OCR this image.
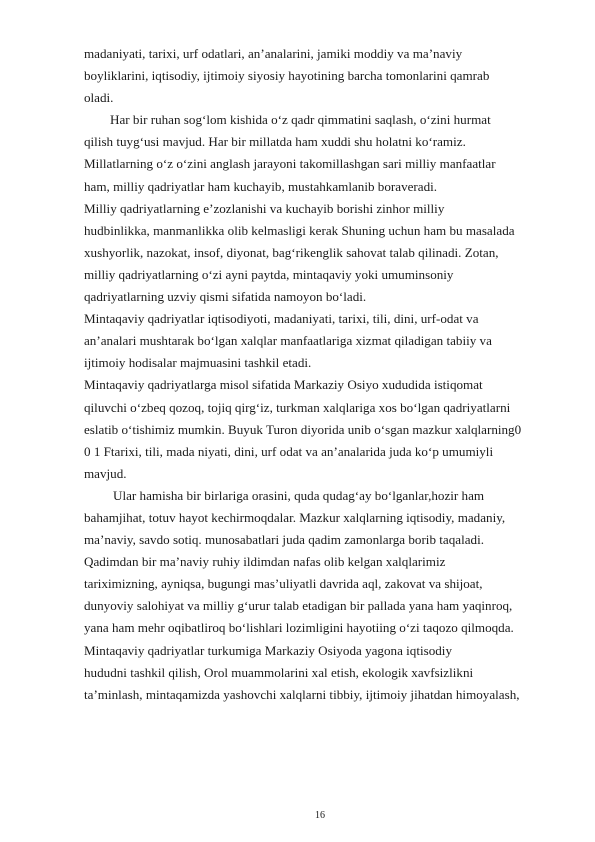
madaniyati, tarixi, urf odatlari, an’analarini, jamiki moddiy va ma’naviy
boyliklarini, iqtisodiy, ijtimoiy siyosiy hayotining barcha tomonlarini qamrab
oladi.
Har bir ruhan sog‘lom kishida o‘z qadr qimmatini saqlash, o‘zini hurmat
qilish tuyg‘usi mavjud. Har bir millatda ham xuddi shu holatni ko‘ramiz.
Millatlarning o‘z o‘zini anglash jarayoni takomillashgan sari milliy manfaatlar
ham, milliy qadriyatlar ham kuchayib, mustahkamlanib boraveradi.
Milliy qadriyatlarning e’zozlanishi va kuchayib borishi zinhor milliy
hudbinlikka, manmanlikka olib kelmasligi kerak Shuning uchun ham bu masalada
xushyorlik, nazokat, insof, diyonat, bag‘rikenglik sahovat talab qilinadi. Zotan,
milliy qadriyatlarning o‘zi ayni paytda, mintaqaviy yoki umuminsoniy
qadriyatlarning uzviy qismi sifatida namoyon bo‘ladi.
Mintaqaviy qadriyatlar iqtisodiyoti, madaniyati, tarixi, tili, dini, urf-odat va
an’analari mushtarak bo‘lgan xalqlar manfaatlariga xizmat qiladigan tabiiy va
ijtimoiy hodisalar majmuasini tashkil etadi.
Mintaqaviy qadriyatlarga misol sifatida Markaziy Osiyo xududida istiqomat
qiluvchi o‘zbeq qozoq, tojiq qirg‘iz, turkman xalqlariga xos bo‘lgan qadriyatlarni
eslatib o‘tishimiz mumkin. Buyuk Turon diyorida unib o‘sgan mazkur xalqlarning0
0 1 Ftarixi, tili, mada niyati, dini, urf odat va an’analarida juda ko‘p umumiyli
mavjud.
Ular hamisha bir birlariga orasini, quda qudag‘ay bo‘lganlar,hozir ham
bahamjihat, totuv hayot kechirmoqdalar. Mazkur xalqlarning iqtisodiy, madaniy,
ma’naviy, savdo sotiq. munosabatlari juda qadim zamonlarga borib taqaladi.
Qadimdan bir ma’naviy ruhiy ildimdan nafas olib kelgan xalqlarimiz
tariximizning, ayniqsa, bugungi mas’uliyatli davrida aql, zakovat va shijoat,
dunyoviy salohiyat va milliy g‘urur talab etadigan bir pallada yana ham yaqinroq,
yana ham mehr oqibatliroq bo‘lishlari lozimligini hayotiing o‘zi taqozo qilmoqda.
Mintaqaviy qadriyatlar turkumiga Markaziy Osiyoda yagona iqtisodiy
hududni tashkil qilish, Orol muammolarini xal etish, ekologik xavfsizlikni
ta’minlash, mintaqamizda yashovchi xalqlarni tibbiy, ijtimoiy jihatdan himoyalash,
16
